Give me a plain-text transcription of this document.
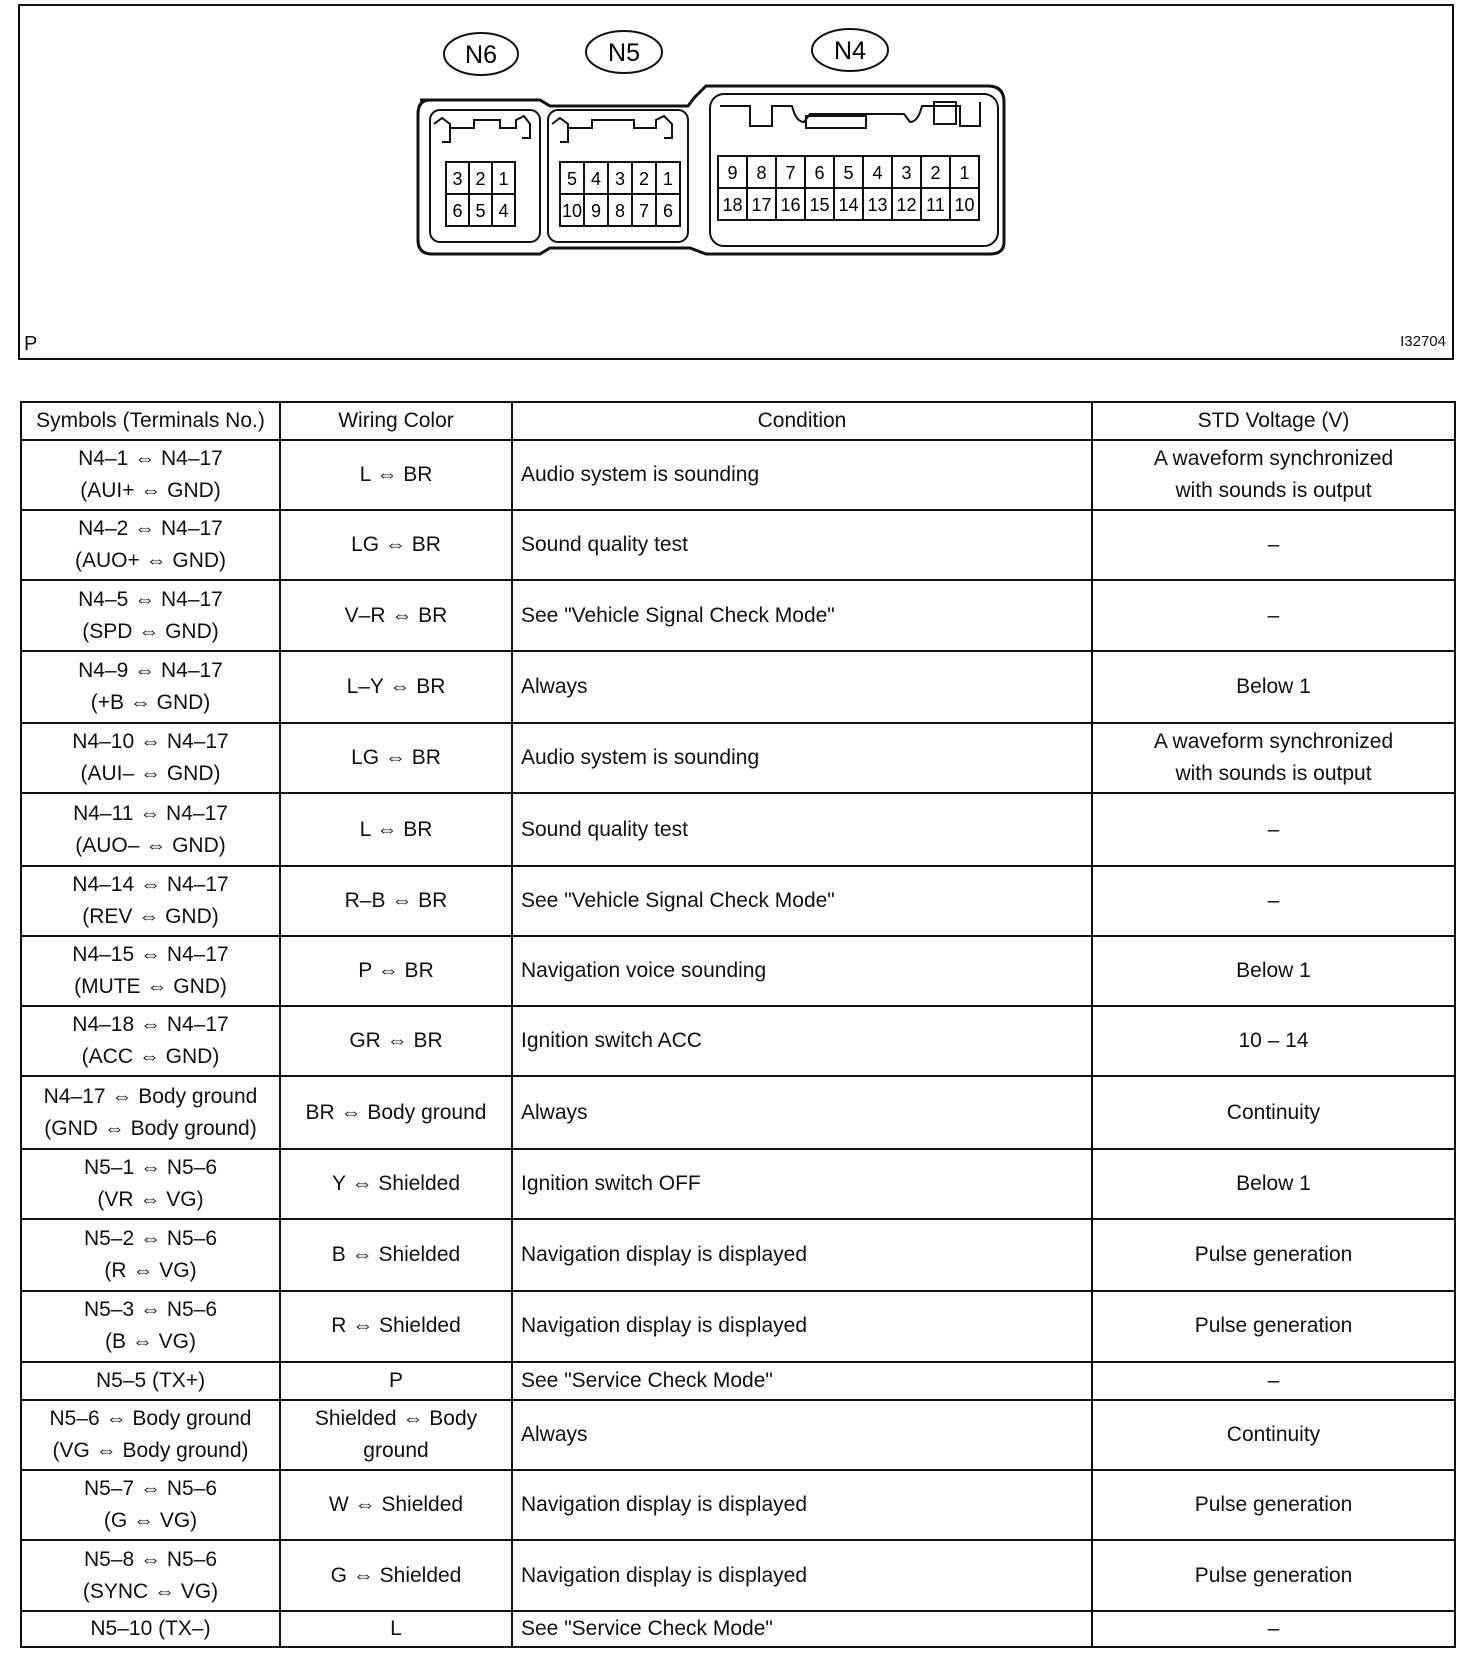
3 2 1
6 5 4
5 4 3 2 1
10 9 8 7 6
9 8 7 6 5 4 3 2 1
18 17 16 15 14 13 12 11 10
N6	N5	N4
P	I32704
Symbols (Terminals No.)	Wiring Color	Condition	STD Voltage (V)

N4–1 ⇔ N4–17
(AUI+ ⇔ GND)	L ⇔ BR	Audio system is sounding	A waveform synchronized
with sounds is output

N4–2 ⇔ N4–17
(AUO+ ⇔ GND)	LG ⇔ BR	Sound quality test	–

N4–5 ⇔ N4–17
(SPD ⇔ GND)	V–R ⇔ BR	See "Vehicle Signal Check Mode"	–

N4–9 ⇔ N4–17
(+B ⇔ GND)	L–Y ⇔ BR	Always	Below 1

N4–10 ⇔ N4–17
(AUI– ⇔ GND)	LG ⇔ BR	Audio system is sounding	A waveform synchronized
with sounds is output

N4–11 ⇔ N4–17
(AUO– ⇔ GND)	L ⇔ BR	Sound quality test	–

N4–14 ⇔ N4–17
(REV ⇔ GND)	R–B ⇔ BR	See "Vehicle Signal Check Mode"	–

N4–15 ⇔ N4–17
(MUTE ⇔ GND)	P ⇔ BR	Navigation voice sounding	Below 1

N4–18 ⇔ N4–17
(ACC ⇔ GND)	GR ⇔ BR	Ignition switch ACC	10 – 14

N4–17 ⇔ Body ground
(GND ⇔ Body ground)	BR ⇔ Body ground	Always	Continuity

N5–1 ⇔ N5–6
(VR ⇔ VG)	Y ⇔ Shielded	Ignition switch OFF	Below 1

N5–2 ⇔ N5–6
(R ⇔ VG)	B ⇔ Shielded	Navigation display is displayed	Pulse generation

N5–3 ⇔ N5–6
(B ⇔ VG)	R ⇔ Shielded	Navigation display is displayed	Pulse generation

N5–5 (TX+)	P	See "Service Check Mode"	–

N5–6 ⇔ Body ground
(VG ⇔ Body ground)	Shielded ⇔ Body
ground	Always	Continuity

N5–7 ⇔ N5–6
(G ⇔ VG)	W ⇔ Shielded	Navigation display is displayed	Pulse generation

N5–8 ⇔ N5–6
(SYNC ⇔ VG)	G ⇔ Shielded	Navigation display is displayed	Pulse generation

N5–10 (TX–)	L	See "Service Check Mode"	–
